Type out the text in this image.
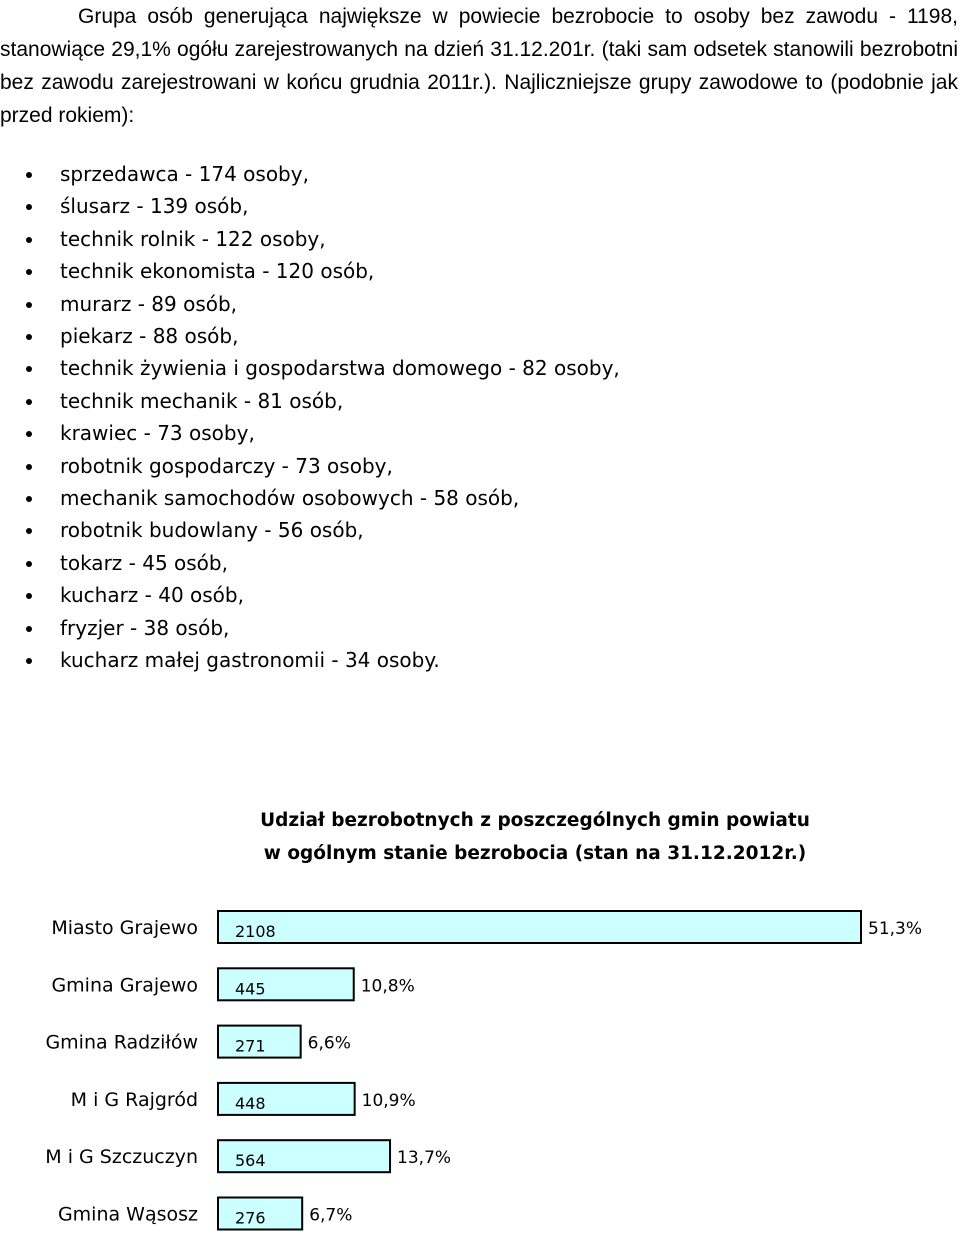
Grupa osób generująca największe w powiecie bezrobocie to osoby bez zawodu - 1198, stanowiące 29,1% ogółu zarejestrowanych na dzień 31.12.201r. (taki sam odsetek stanowili bezrobotni bez zawodu zarejestrowani w końcu grudnia 2011r.). Najliczniejsze grupy zawodowe to (podobnie jak przed rokiem):

sprzedawca - 174 osoby,
ślusarz - 139 osób,
technik rolnik - 122 osoby,
technik ekonomista - 120 osób,
murarz - 89 osób,
piekarz - 88 osób,
technik żywienia i gospodarstwa domowego - 82 osoby,
technik mechanik - 81 osób,
krawiec - 73 osoby,
robotnik gospodarczy - 73 osoby,
mechanik samochodów osobowych - 58 osób,
robotnik budowlany - 56 osób,
tokarz - 45 osób,
kucharz - 40 osób,
fryzjer - 38 osób,
kucharz małej gastronomii - 34 osoby.
Udział bezrobotnych z poszczególnych gmin powiatu
w ogólnym stanie bezrobocia (stan na 31.12.2012r.)
Miasto Grajewo 2108	51,3%
Gmina Grajewo 445	10,8%
Gmina Radziłów 271 6,6%
M i G Rajgród 448	10,9%
M i G Szczuczyn 564	13,7%
Gmina Wąsosz 276	6,7%
